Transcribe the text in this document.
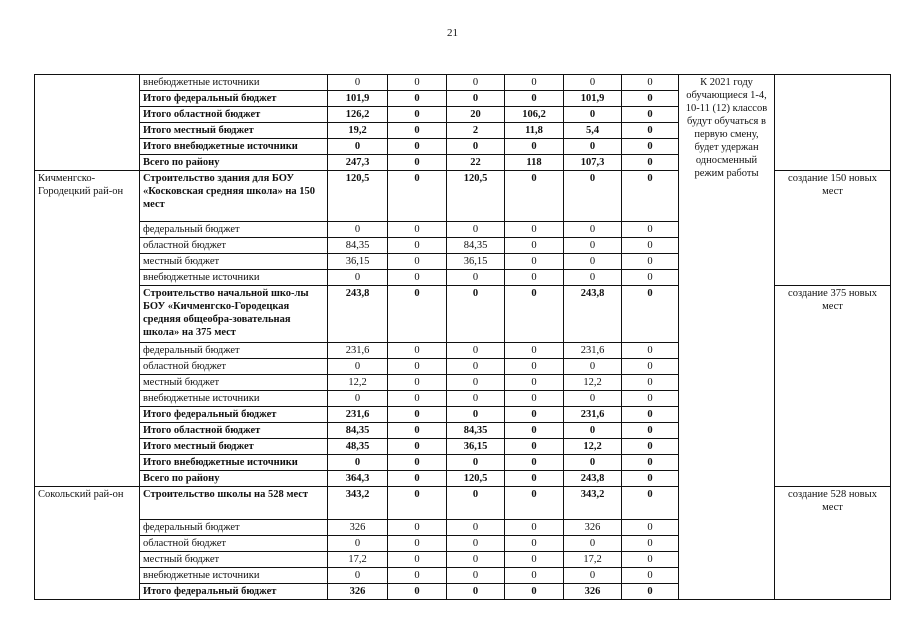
21
	внебюджетные источники	0	0	0	0	0	0	К 2021 году обучающиеся 1-4, 10-11 (12) классов будут обучаться в первую смену, будет удержан односменный режим работы	
	Итого федеральный бюджет	101,9	0	0	0	101,9	0		
	Итого областной бюджет	126,2	0	20	106,2	0	0		
	Итого местный бюджет	19,2	0	2	11,8	5,4	0		
	Итого внебюджетные источники	0	0	0	0	0	0		
	Всего по району	247,3	0	22	118	107,3	0		
Кичменгско-Городецкий рай-он	Строительство здания для БОУ «Косковская средняя школа» на 150 мест	120,5	0	120,5	0	0	0		создание 150 новых мест
	федеральный бюджет	0	0	0	0	0	0		
	областной бюджет	84,35	0	84,35	0	0	0		
	местный бюджет	36,15	0	36,15	0	0	0		
	внебюджетные источники	0	0	0	0	0	0		
	Строительство начальной шко-лы БОУ «Кичменгско-Городецкая средняя общеобра-зовательная школа» на 375 мест	243,8	0	0	0	243,8	0		создание 375 новых мест
	федеральный бюджет	231,6	0	0	0	231,6	0		
	областной бюджет	0	0	0	0	0	0		
	местный бюджет	12,2	0	0	0	12,2	0		
	внебюджетные источники	0	0	0	0	0	0		
	Итого федеральный бюджет	231,6	0	0	0	231,6	0		
	Итого областной бюджет	84,35	0	84,35	0	0	0		
	Итого местный бюджет	48,35	0	36,15	0	12,2	0		
	Итого внебюджетные источники	0	0	0	0	0	0		
	Всего по району	364,3	0	120,5	0	243,8	0		
Сокольский рай-он	Строительство школы на 528 мест	343,2	0	0	0	343,2	0		создание 528 новых мест
	федеральный бюджет	326	0	0	0	326	0		
	областной бюджет	0	0	0	0	0	0		
	местный бюджет	17,2	0	0	0	17,2	0		
	внебюджетные источники	0	0	0	0	0	0		
	Итого федеральный бюджет	326	0	0	0	326	0		
